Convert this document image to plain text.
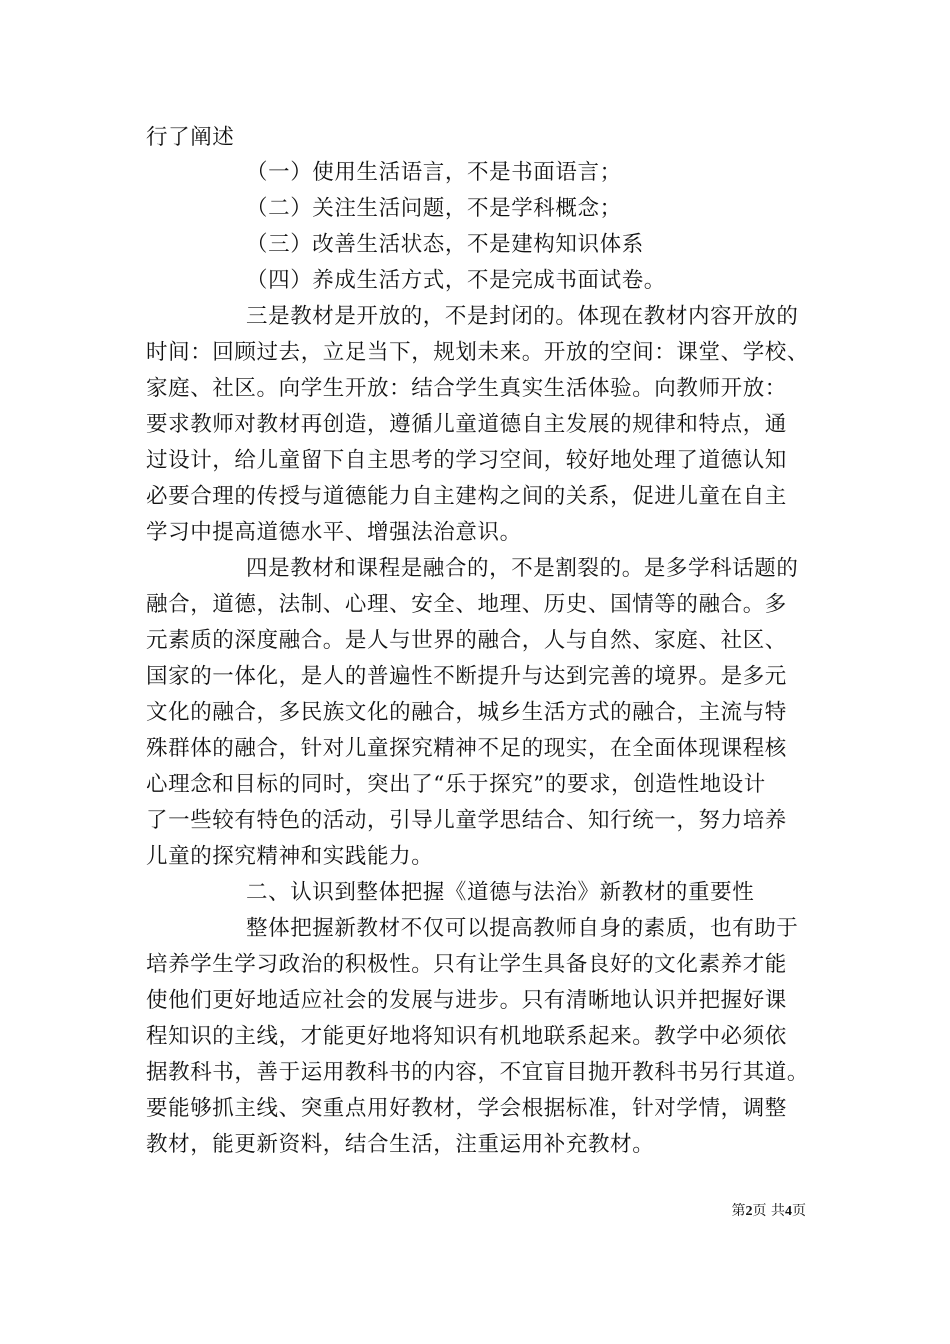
行了阐述
（一）使用生活语言，不是书面语言；
（二）关注生活问题，不是学科概念；
（三）改善生活状态，不是建构知识体系
（四）养成生活方式，不是完成书面试卷。
三是教材是开放的，不是封闭的。体现在教材内容开放的
时间：回顾过去，立足当下，规划未来。开放的空间：课堂、学校、
家庭、社区。向学生开放：结合学生真实生活体验。向教师开放：
要求教师对教材再创造，遵循儿童道德自主发展的规律和特点，通
过设计，给儿童留下自主思考的学习空间，较好地处理了道德认知
必要合理的传授与道德能力自主建构之间的关系，促进儿童在自主
学习中提高道德水平、增强法治意识。
四是教材和课程是融合的，不是割裂的。是多学科话题的
融合，道德，法制、心理、安全、地理、历史、国情等的融合。多
元素质的深度融合。是人与世界的融合，人与自然、家庭、社区、
国家的一体化，是人的普遍性不断提升与达到完善的境界。是多元
文化的融合，多民族文化的融合，城乡生活方式的融合，主流与特
殊群体的融合，针对儿童探究精神不足的现实，在全面体现课程核
心理念和目标的同时，突出了“乐于探究”的要求，创造性地设计
了一些较有特色的活动，引导儿童学思结合、知行统一，努力培养
儿童的探究精神和实践能力。
二、认识到整体把握《道德与法治》新教材的重要性
整体把握新教材不仅可以提高教师自身的素质，也有助于
培养学生学习政治的积极性。只有让学生具备良好的文化素养才能
使他们更好地适应社会的发展与进步。只有清晰地认识并把握好课
程知识的主线，才能更好地将知识有机地联系起来。教学中必须依
据教科书，善于运用教科书的内容，不宜盲目抛开教科书另行其道。
要能够抓主线、突重点用好教材，学会根据标准，针对学情，调整
教材，能更新资料，结合生活，注重运用补充教材。
第2页 共4页
